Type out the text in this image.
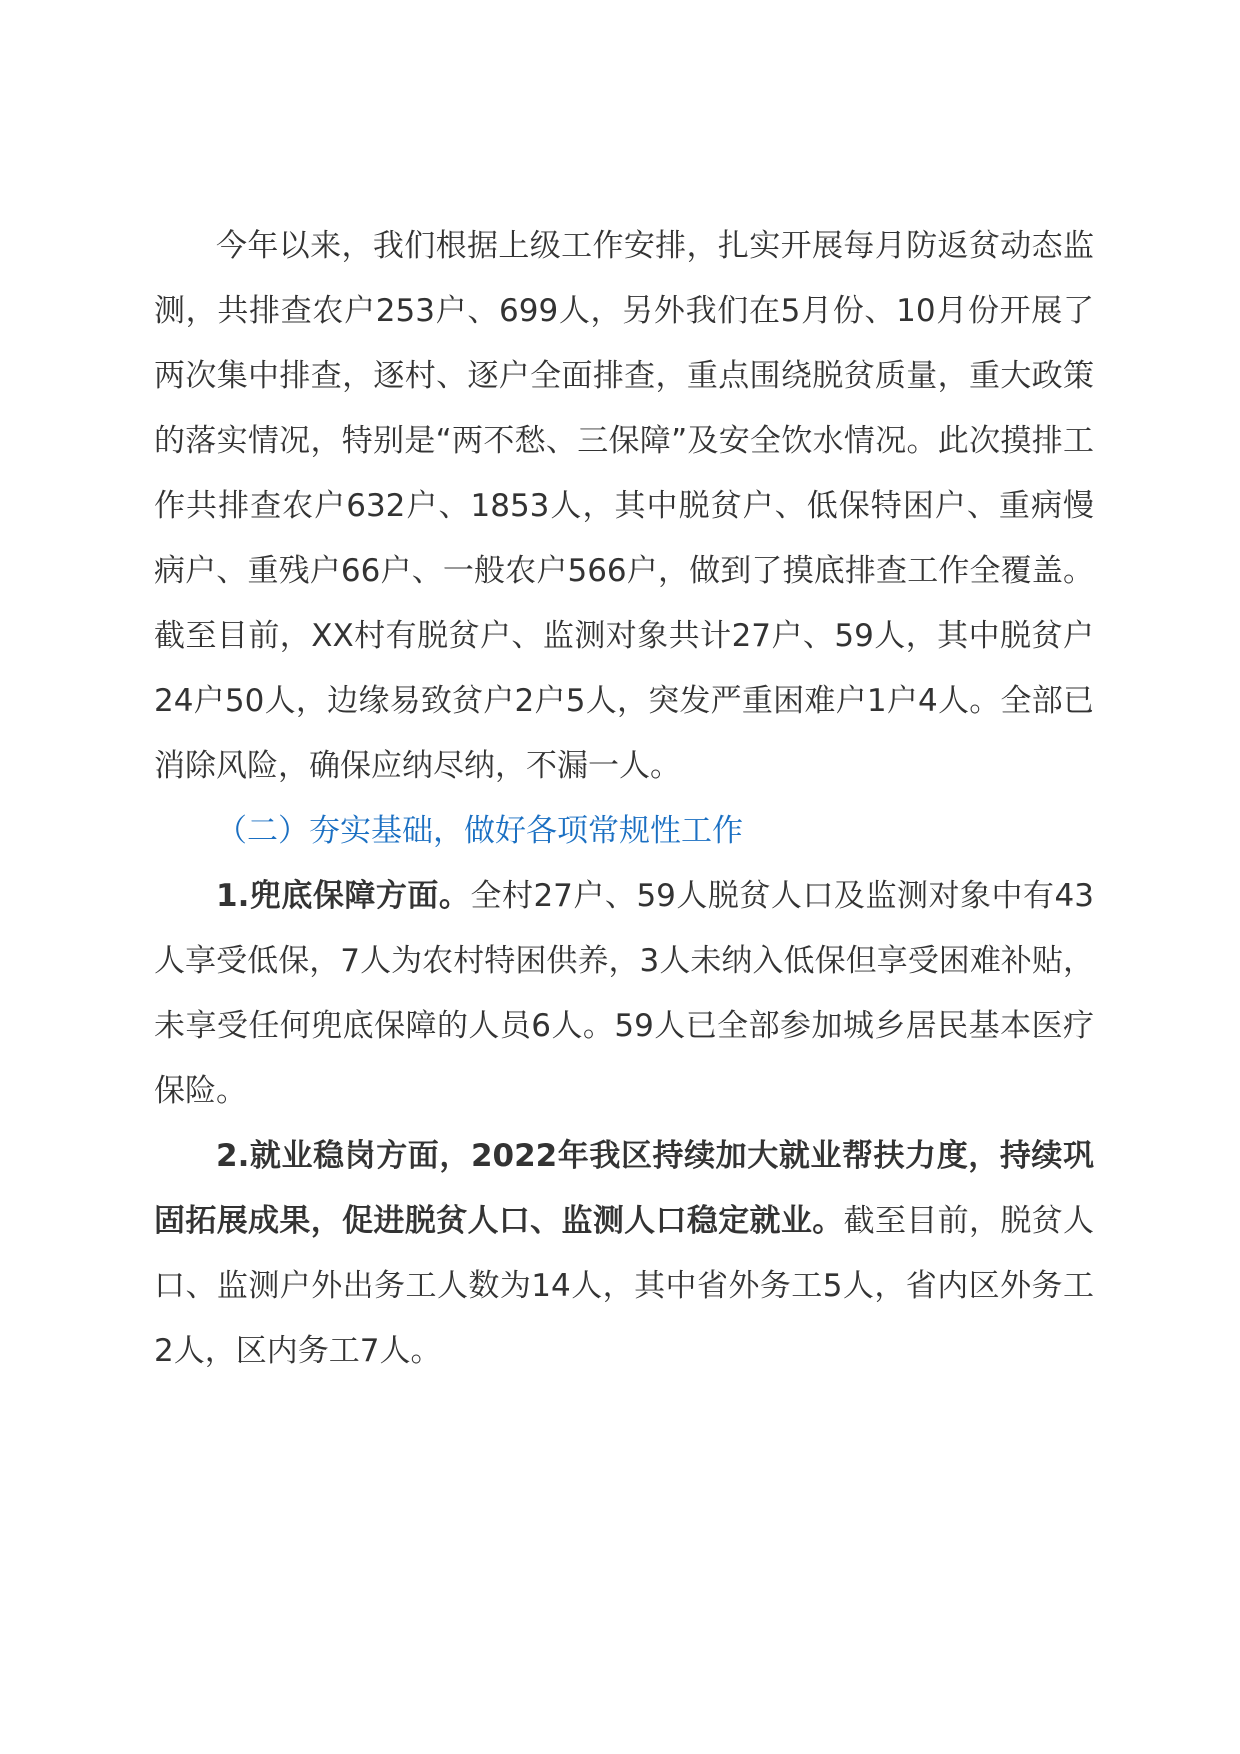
今年以来，我们根据上级工作安排，扎实开展每月防返贫动态监测，共排查农户253户、699人，另外我们在5月份、10月份开展了两次集中排查，逐村、逐户全面排查，重点围绕脱贫质量，重大政策的落实情况，特别是“两不愁、三保障”及安全饮水情况。此次摸排工作共排查农户632户、1853人，其中脱贫户、低保特困户、重病慢病户、重残户66户、一般农户566户，做到了摸底排查工作全覆盖。截至目前，XX村有脱贫户、监测对象共计27户、59人，其中脱贫户24户50人，边缘易致贫户2户5人，突发严重困难户1户4人。全部已消除风险，确保应纳尽纳，不漏一人。

（二）夯实基础，做好各项常规性工作

1.兜底保障方面。全村27户、59人脱贫人口及监测对象中有43人享受低保，7人为农村特困供养，3人未纳入低保但享受困难补贴，未享受任何兜底保障的人员6人。59人已全部参加城乡居民基本医疗保险。

2.就业稳岗方面，2022年我区持续加大就业帮扶力度，持续巩固拓展成果，促进脱贫人口、监测人口稳定就业。截至目前，脱贫人口、监测户外出务工人数为14人，其中省外务工5人，省内区外务工2人，区内务工7人。
